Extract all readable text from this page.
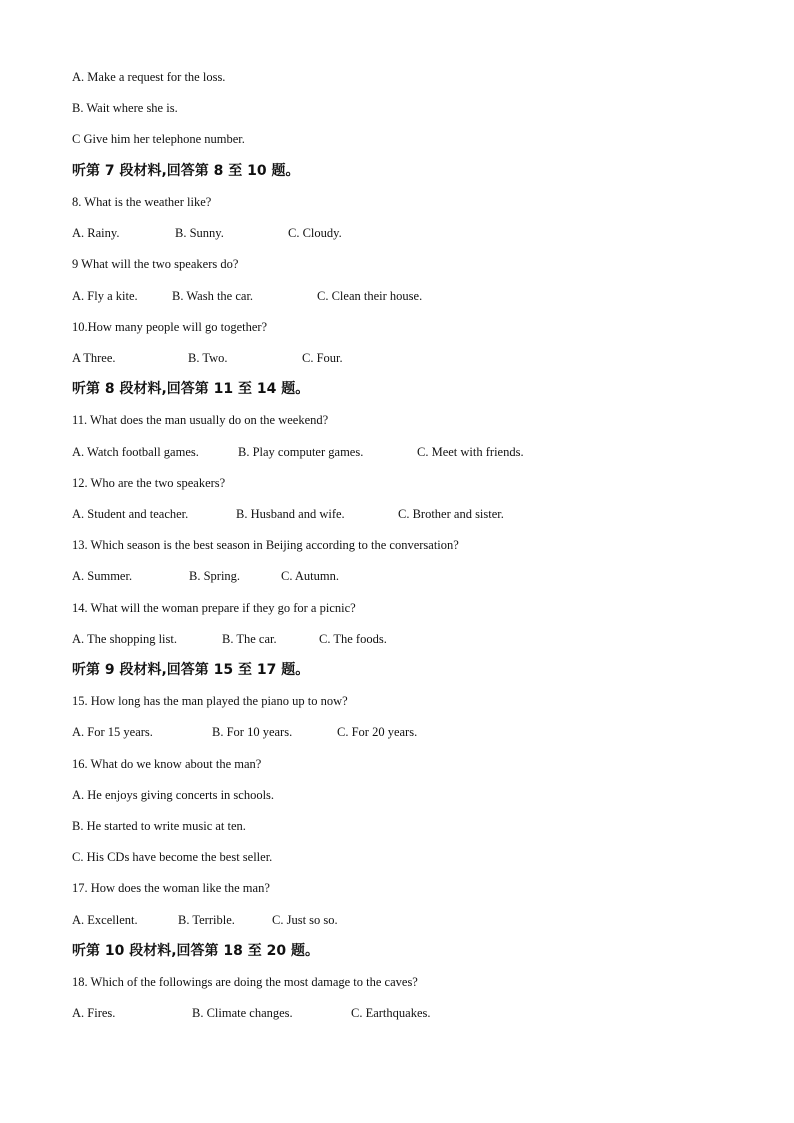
A. Make a request for the loss.
B. Wait where she is.
C Give him her telephone number.
听第 7 段材料,回答第 8 至 10 题。
8. What is the weather like?
A. Rainy.	B. Sunny.	C. Cloudy.
9 What will the two speakers do?
A. Fly a kite.	B. Wash the car.	C. Clean their house.
10.How many people will go together?
A Three.	B. Two.	C. Four.
听第 8 段材料,回答第 11 至 14 题。
11. What does the man usually do on the weekend?
A. Watch football games.	B. Play computer games.	C. Meet with friends.
12. Who are the two speakers?
A. Student and teacher.	B. Husband and wife.	C. Brother and sister.
13. Which season is the best season in Beijing according to the conversation?
A. Summer.	B. Spring.	C. Autumn.
14. What will the woman prepare if they go for a picnic?
A. The shopping list.	B. The car.	C. The foods.
听第 9 段材料,回答第 15 至 17 题。
15. How long has the man played the piano up to now?
A. For 15 years.	B. For 10 years.	C. For 20 years.
16. What do we know about the man?
A. He enjoys giving concerts in schools.
B. He started to write music at ten.
C. His CDs have become the best seller.
17. How does the woman like the man?
A. Excellent.	B. Terrible.	C. Just so so.
听第 10 段材料,回答第 18 至 20 题。
18. Which of the followings are doing the most damage to the caves?
A. Fires.	B. Climate changes.	C. Earthquakes.
